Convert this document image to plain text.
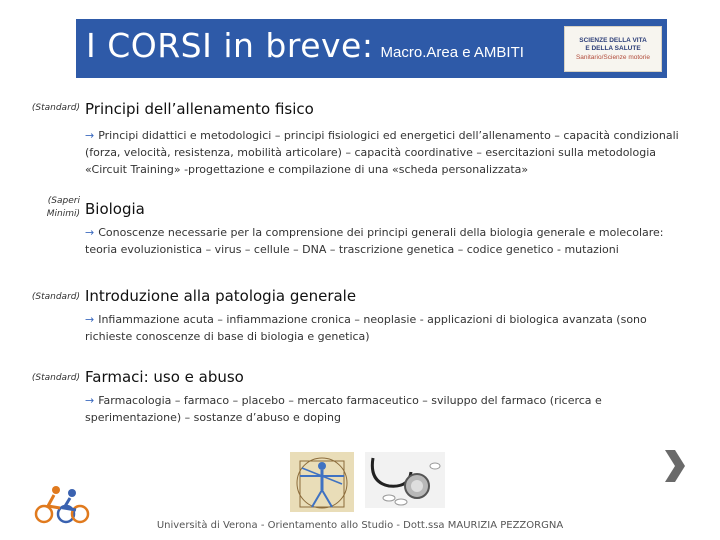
I CORSI in breve: Macro.Area e AMBITI
SCIENZE DELLA VITA
E DELLA SALUTE
Sanitario/Scienze motorie
(Standard) Principi dell’allenamento fisico
→ Principi didattici e metodologici – principi fisiologici ed energetici dell’allenamento – capacità condizionali (forza, velocità, resistenza, mobilità articolare) – capacità coordinative – esercitazioni sulla metodologia «Circuit Training» -progettazione e compilazione di una «scheda personalizzata»
(Saperi Minimi) Biologia
→ Conoscenze necessarie per la comprensione dei principi generali della biologia generale e molecolare: teoria evoluzionistica – virus – cellule – DNA – trascrizione genetica – codice genetico - mutazioni
(Standard) Introduzione alla patologia generale
→ Infiammazione acuta – infiammazione cronica – neoplasie - applicazioni di biologica avanzata (sono richieste conoscenze di base di biologia e genetica)
(Standard) Farmaci: uso e abuso
→ Farmacologia – farmaco – placebo – mercato farmaceutico – sviluppo del farmaco (ricerca e sperimentazione) – sostanze d’abuso e doping
Università di Verona - Orientamento allo Studio - Dott.ssa MAURIZIA PEZZORGNA
